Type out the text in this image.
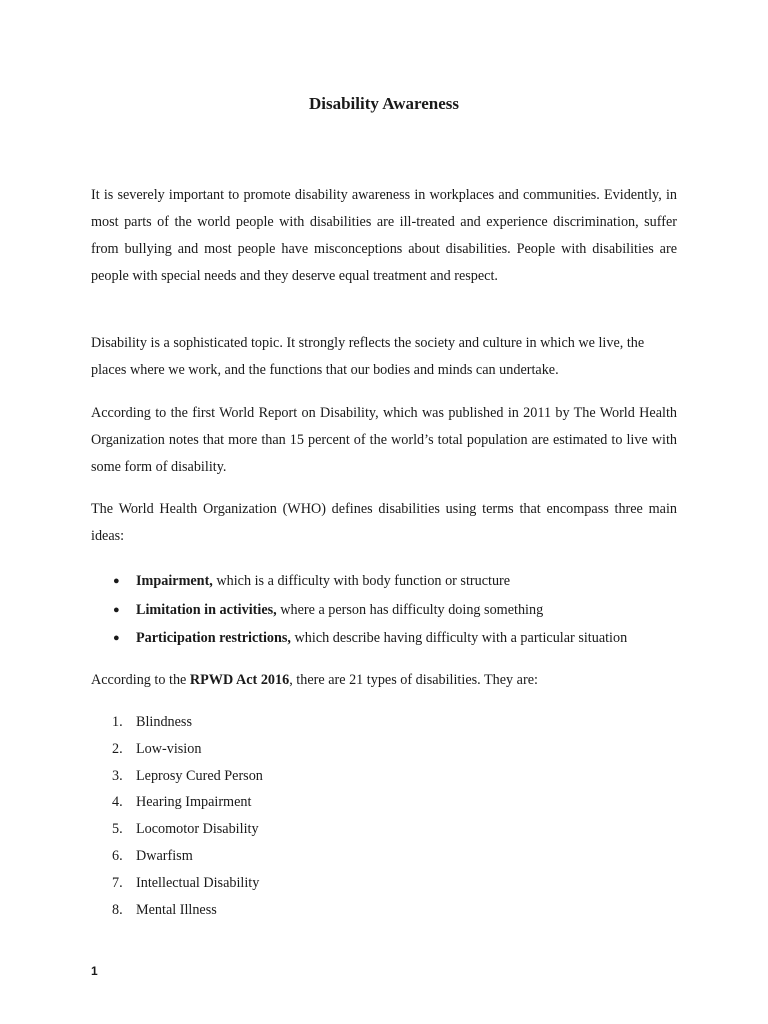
Disability Awareness

It is severely important to promote disability awareness in workplaces and communities. Evidently, in most parts of the world people with disabilities are ill-treated and experience discrimination, suffer from bullying and most people have misconceptions about disabilities. People with disabilities are people with special needs and they deserve equal treatment and respect.

Disability is a sophisticated topic. It strongly reflects the society and culture in which we live, the places where we work, and the functions that our bodies and minds can undertake.

According to the first World Report on Disability, which was published in 2011 by The World Health Organization notes that more than 15 percent of the world’s total population are estimated to live with some form of disability.

The World Health Organization (WHO) defines disabilities using terms that encompass three main ideas:

● Impairment, which is a difficulty with body function or structure
● Limitation in activities, where a person has difficulty doing something
● Participation restrictions, which describe having difficulty with a particular situation

According to the RPWD Act 2016, there are 21 types of disabilities. They are:

1. Blindness
2. Low-vision
3. Leprosy Cured Person
4. Hearing Impairment
5. Locomotor Disability
6. Dwarfism
7. Intellectual Disability
8. Mental Illness
1
